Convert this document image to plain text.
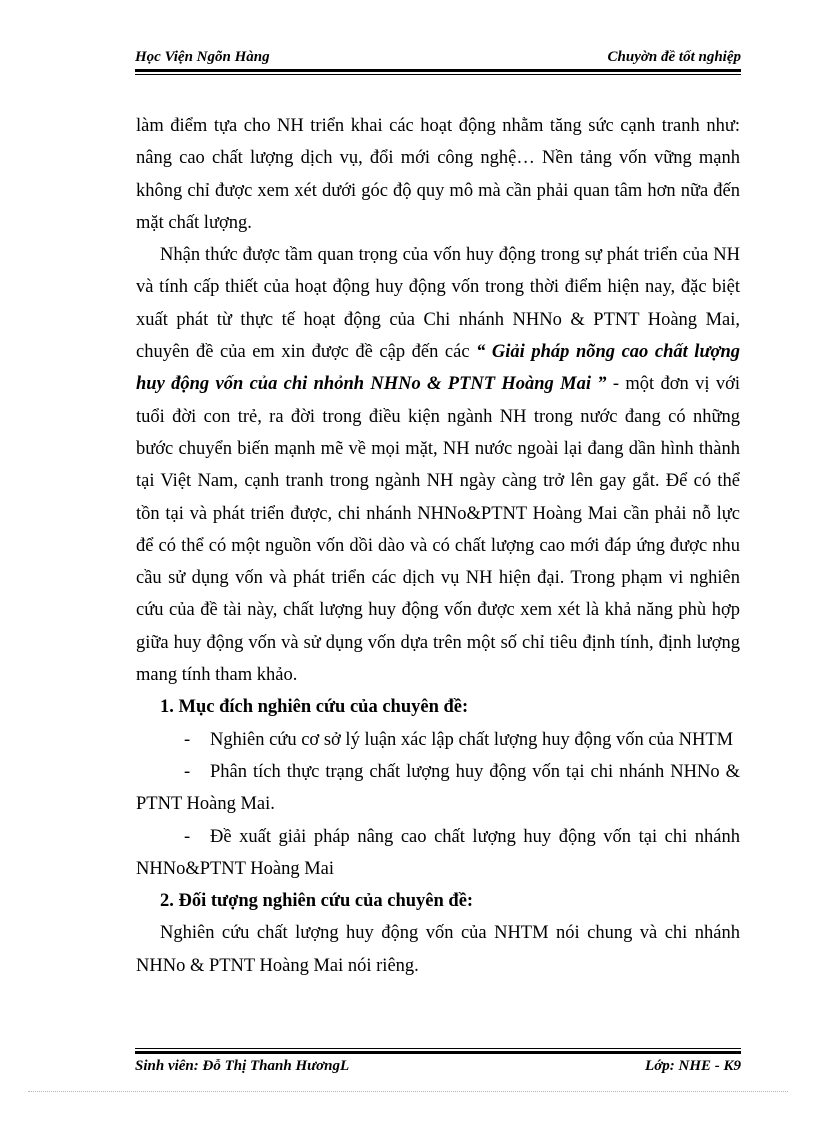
Học Viện Ngõn Hàng	Chuyờn đề tốt nghiệp

làm điểm tựa cho NH triển khai các hoạt động nhằm tăng sức cạnh tranh như: nâng cao chất lượng dịch vụ, đổi mới công nghệ… Nền tảng vốn vững mạnh không chỉ được xem xét dưới góc độ quy mô mà cần phải quan tâm hơn nữa đến mặt chất lượng.

Nhận thức được tầm quan trọng của vốn huy động trong sự phát triển của NH và tính cấp thiết của hoạt động huy động vốn trong thời điểm hiện nay, đặc biệt xuất phát từ thực tế hoạt động của Chi nhánh NHNo & PTNT Hoàng Mai, chuyên đề của em xin được đề cập đến các “ Giải pháp nõng cao chất lượng huy động vốn của chi nhỏnh NHNo & PTNT Hoàng Mai ” - một đơn vị với tuổi đời con trẻ, ra đời trong điều kiện ngành NH trong nước đang có những bước chuyển biến mạnh mẽ về mọi mặt, NH nước ngoài lại đang dần hình thành tại Việt Nam, cạnh tranh trong ngành NH ngày càng trở lên gay gắt. Để có thể tồn tại và phát triển được, chi nhánh NHNo&PTNT Hoàng Mai cần phải nỗ lực để có thể có một nguồn vốn dồi dào và có chất lượng cao mới đáp ứng được nhu cầu sử dụng vốn và phát triển các dịch vụ NH hiện đại. Trong phạm vi nghiên cứu của đề tài này, chất lượng huy động vốn được xem xét là khả năng phù hợp giữa huy động vốn và sử dụng vốn dựa trên một số chỉ tiêu định tính, định lượng mang tính tham khảo.

1. Mục đích nghiên cứu của chuyên đề:

- Nghiên cứu cơ sở lý luận xác lập chất lượng huy động vốn của NHTM

- Phân tích thực trạng chất lượng huy động vốn tại chi nhánh NHNo & PTNT Hoàng Mai.

- Đề xuất giải pháp nâng cao chất lượng huy động vốn tại chi nhánh NHNo&PTNT Hoàng Mai

2. Đối tượng nghiên cứu của chuyên đề:

Nghiên cứu chất lượng huy động vốn của NHTM nói chung và chi nhánh NHNo & PTNT Hoàng Mai nói riêng.

Sinh viên: Đỗ Thị Thanh HươngL	Lớp: NHE - K9
